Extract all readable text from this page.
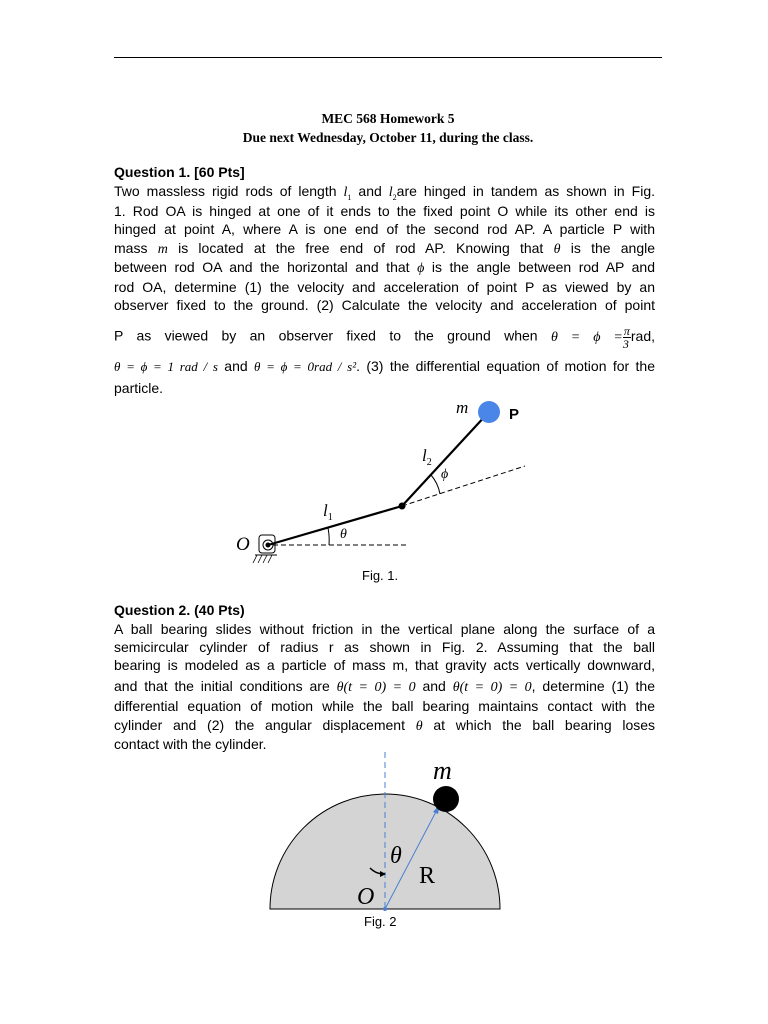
MEC 568 Homework 5
Due next Wednesday, October 11, during the class.
Question 1. [60 Pts]
Two massless rigid rods of length $l_1$ and $l_2are$ hinged in tandem as shown in Fig.
1. Rod OA is hinged at one of it ends to the fixed point O while its other end is
hinged at point A, where A is one end of the second rod AP. A particle P with
mass m is located at the free end of rod AP. Knowing that θ is the angle
between rod OA and the horizontal and that ϕ is the angle between rod AP and
rod OA, determine (1) the velocity and acceleration of point P as viewed by an
observer fixed to the ground. (2) Calculate the velocity and acceleration of point
P as viewed by an observer fixed to the ground when $\theta = \phi = \frac{\pi}{3}$ rad,
θ = ϕ = 1 rad / s and θ = ϕ = 0rad / s². (3) the differential equation of motion for the
particle.
m	P
$l_2$
ϕ
$l_1$
θ
O
Fig. 1.
Question 2. (40 Pts)
A ball bearing slides without friction in the vertical plane along the surface of a
semicircular cylinder of radius r as shown in Fig. 2. Assuming that the ball
bearing is modeled as a particle of mass m, that gravity acts vertically downward,
and that the initial conditions are θ(t = 0) = 0 and θ(t = 0) = 0, determine (1) the
differential equation of motion while the ball bearing maintains contact with the
cylinder and (2) the angular displacement θ at which the ball bearing loses
contact with the cylinder.
m
θ
R
O
Fig. 2
